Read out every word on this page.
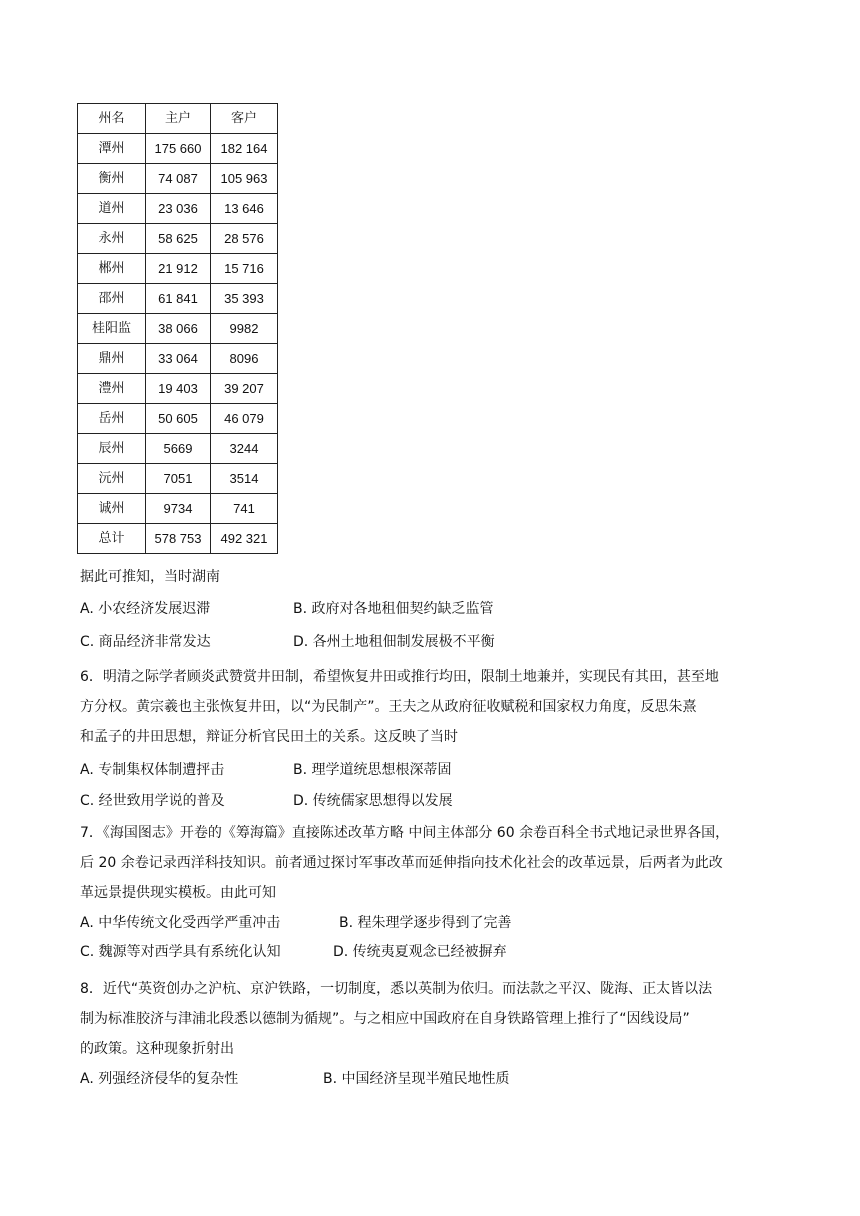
州名	主户	客户
潭州	175 660	182 164
衡州	74 087	105 963
道州	23 036	13 646
永州	58 625	28 576
郴州	21 912	15 716
邵州	61 841	35 393
桂阳监	38 066	9982
鼎州	33 064	8096
澧州	19 403	39 207
岳州	50 605	46 079
辰州	5669	3244
沅州	7051	3514
诚州	9734	741
总计	578 753	492 321
据此可推知，当时湖南
A. 小农经济发展迟滞	B. 政府对各地租佃契约缺乏监管
C. 商品经济非常发达	D. 各州土地租佃制发展极不平衡
6．明清之际学者顾炎武赞赏井田制，希望恢复井田或推行均田，限制土地兼并，实现民有其田，甚至地
方分权。黄宗羲也主张恢复井田，以“为民制产”。王夫之从政府征收赋税和国家权力角度，反思朱熹
和孟子的井田思想，辩证分析官民田土的关系。这反映了当时
A. 专制集权体制遭抨击	B. 理学道统思想根深蒂固
C. 经世致用学说的普及	D. 传统儒家思想得以发展
7．《海国图志》开卷的《筹海篇》直接陈述改革方略 中间主体部分 60 余卷百科全书式地记录世界各国，
后 20 余卷记录西洋科技知识。前者通过探讨军事改革而延伸指向技术化社会的改革远景，后两者为此改
革远景提供现实模板。由此可知
A. 中华传统文化受西学严重冲击	B. 程朱理学逐步得到了完善
C. 魏源等对西学具有系统化认知	D. 传统夷夏观念已经被摒弃
8．近代“英资创办之沪杭、京沪铁路，一切制度，悉以英制为依归。而法款之平汉、陇海、正太皆以法
制为标准胶济与津浦北段悉以德制为循规”。与之相应中国政府在自身铁路管理上推行了“因线设局”
的政策。这种现象折射出
A. 列强经济侵华的复杂性	B. 中国经济呈现半殖民地性质
